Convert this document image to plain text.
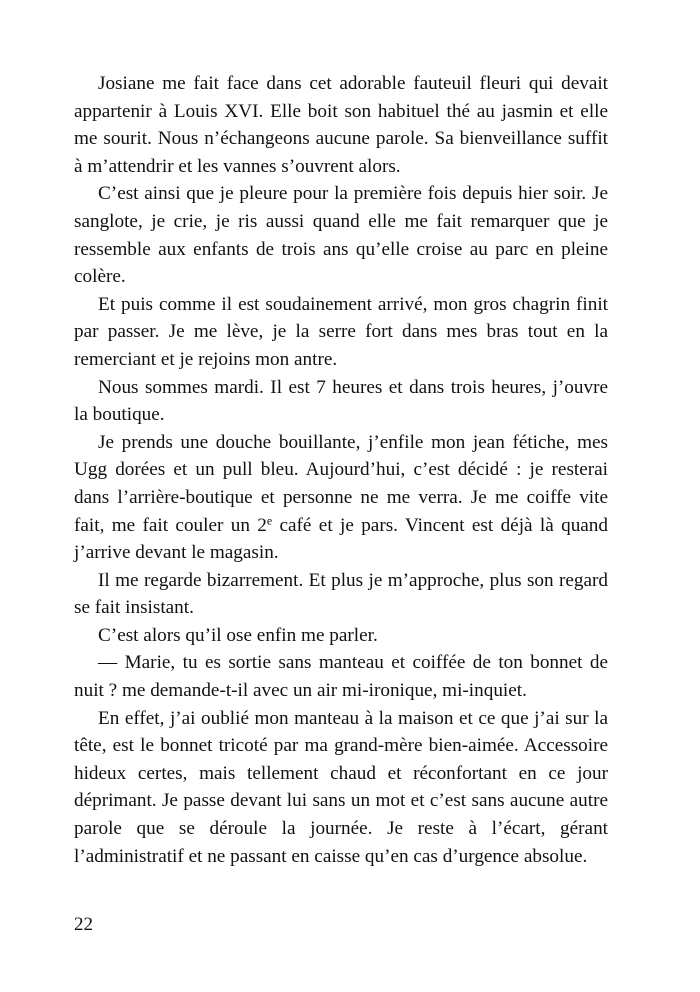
Josiane me fait face dans cet adorable fauteuil fleuri qui devait appartenir à Louis XVI. Elle boit son habituel thé au jasmin et elle me sourit. Nous n’échangeons aucune parole. Sa bienveillance suffit à m’attendrir et les vannes s’ouvrent alors.

C’est ainsi que je pleure pour la première fois depuis hier soir. Je sanglote, je crie, je ris aussi quand elle me fait remarquer que je ressemble aux enfants de trois ans qu’elle croise au parc en pleine colère.

Et puis comme il est soudainement arrivé, mon gros chagrin finit par passer. Je me lève, je la serre fort dans mes bras tout en la remerciant et je rejoins mon antre.

Nous sommes mardi. Il est 7 heures et dans trois heures, j’ouvre la boutique.

Je prends une douche bouillante, j’enfile mon jean fétiche, mes Ugg dorées et un pull bleu. Aujourd’hui, c’est décidé : je resterai dans l’arrière-boutique et personne ne me verra. Je me coiffe vite fait, me fait couler un 2e café et je pars. Vincent est déjà là quand j’arrive devant le magasin.

Il me regarde bizarrement. Et plus je m’approche, plus son regard se fait insistant.

C’est alors qu’il ose enfin me parler.

— Marie, tu es sortie sans manteau et coiffée de ton bonnet de nuit ? me demande-t-il avec un air mi-ironique, mi-inquiet.

En effet, j’ai oublié mon manteau à la maison et ce que j’ai sur la tête, est le bonnet tricoté par ma grand-mère bien-aimée. Accessoire hideux certes, mais tellement chaud et réconfortant en ce jour déprimant. Je passe devant lui sans un mot et c’est sans aucune autre parole que se déroule la journée. Je reste à l’écart, gérant l’administratif et ne passant en caisse qu’en cas d’urgence absolue.

22
